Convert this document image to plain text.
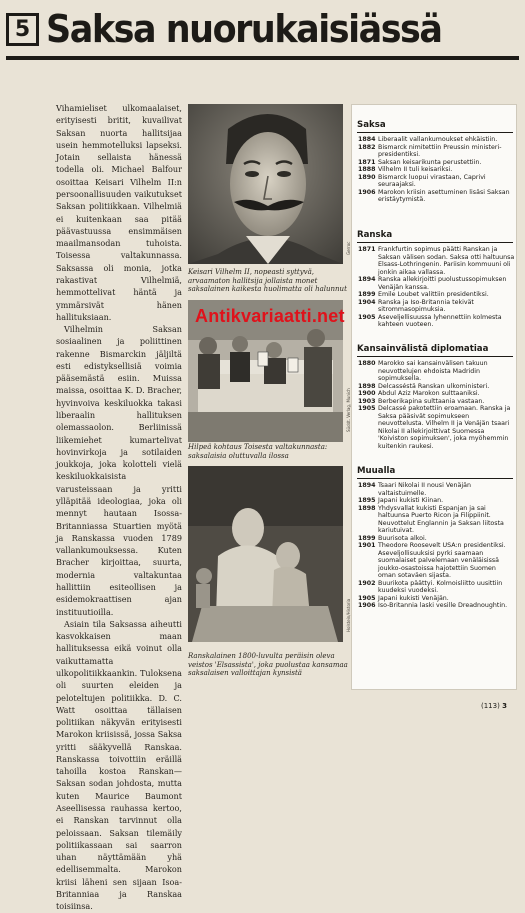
5 Saksa nuorukaisiässä

Vihamieliset ulkomaalaiset, erityisesti britit, kuvailivat Saksan nuorta hallitsijaa usein hemmotelluksi lapseksi. Jotain sellaista hänessä todella oli. Michael Balfour osoittaa Keisari Vilhelm II:n persoonallisuuden vaikutukset Saksan politiikkaan. Vilhelmiä ei kuitenkaan saa pitää päävastuussa ensimmäisen maailmansodan tuhoista. Toisessa valtakunnassa. Saksassa oli monia, jotka rakastivat Vilhelmiä, hemmottelivat häntä ja ymmärsivät hänen hallituksiaan.

Vilhelmin Saksan sosiaalinen ja poliittinen rakenne Bismarckin jäljiltä esti edistyksellisiä voimia pääsemästä esiin. Muissa maissa, osoittaa K. D. Bracher, hyvinvoiva keskiluokka takasi liberaalin hallituksen olemassaolon. Berliinissä liikemiehet kumartelivat hovinvirkoja ja sotilaiden joukkoja, joka kolotteli vielä keskiluokkaisista varusteissaan ja yritti ylläpitää ideologiaa, joka oli mennyt hautaan Isossa-Britanniassa Stuartien myötä ja Ranskassa vuoden 1789 vallankumouksessa. Kuten Bracher kirjoittaa, suurta, modernia valtakuntaa hallittiin esiteollisen ja esidemokraattisen ajan instituutioilla.

Asiain tila Saksassa aiheutti kasvokkaisen maan hallituksessa eikä voinut olla vaikuttamatta ulkopolitiikkaankin. Tuloksena oli suurten eleiden ja peloteltujen politiikka. D. C. Watt osoittaa tällaisen politiikan näkyvän erityisesti Marokon kriisissä, jossa Saksa yritti sääkyvellä Ranskaa. Ranskassa toivottiin eräillä tahoilla kostoa Ranskan—Saksan sodan johdosta, mutta kuten Maurice Baumont Aseellisessa rauhassa kertoo, ei Ranskan tarvinnut olla peloissaan. Saksan tilemäily politiikassaan sai saarron uhan näyttämään yhä edellisemmalta. Marokon kriisi läheni sen sijaan Isoa-Britanniaa ja Ranskaa toisiinsa.

Gerroc
Keisari Vilhelm II, nopeasti syttyvä, arvaamaton hallitsija jollaista monet saksalainen kaikesta huolimatta oli halunnut
Süddt. Verlag, Munich
Hilpeä kohtaus Toisesta valtakunnasta: saksalaisia oluttuvalla ilossa
Holstein/Historia
Ranskalainen 1800-luvulta peräisin oleva veistos 'Elsassista', joka puolustaa kansamaa saksalaisen valloittajan kynsistä
Antikvariaatti.net
Saksa
1884 Liberaalit vallankumoukset ehkäistiin.
1882 Bismarck nimitettiin Preussin ministeri-presidentiksi.
1871 Saksan keisarikunta perustettiin.
1888 Vilhelm II tuli keisariksi.
1890 Bismarck luopui virastaan, Caprivi seuraajaksi.
1906 Marokon kriisin asettuminen lisäsi Saksan eristäytymistä.
Ranska
1871 Frankfurtin sopimus päätti Ranskan ja Saksan välisen sodan. Saksa otti haltuunsa Elsass-Lothringenin. Pariisin kommuuni oli jonkin aikaa vallassa.
1894 Ranska allekirjoitti puolustussopimuksen Venäjän kanssa.
1899 Emile Loubet valittiin presidentiksi.
1904 Ranska ja Iso-Britannia tekivät sitrommasopimuksia.
1905 Aseveljellisuussa lyhennettiin kolmesta kahteen vuoteen.
Kansainvälistä diplomatiaa
1880 Marokko sai kansainvälisen takuun neuvottelujen ehdoista Madridin sopimuksella.
1898 Delcasséstä Ranskan ulkoministeri.
1900 Abdul Aziz Marokon sulttaaniksi.
1903 Berberikapina sulttaania vastaan.
1905 Delcassé pakotettiin eroamaan. Ranska ja Saksa pääsivät sopimukseen neuvottelusta. Vilhelm II ja Venäjän tsaari Nikolai II allekirjoittivat Suomessa 'Koiviston sopimuksen', joka myöhemmin kuitenkin raukesi.
Muualla
1894 Tsaari Nikolai II nousi Venäjän valtaistuimelle.
1895 Japani kukisti Kiinan.
1898 Yhdysvallat kukisti Espanjan ja sai haltuunsa Puerto Ricon ja Filippiinit. Neuvottelut Englannin ja Saksan liitosta kariutuivat.
1899 Buurisota alkoi.
1901 Theodore Roosevelt USA:n presidentiksi.
Aseveljollisuuksisi pyrki saamaan suomalaiset palvelemaan venäläisissä joukko-osastoissa hajotettiin Suomen oman sotaväen sijasta.
1902 Buurikota päättyi. Kolmoisliitto uusittiin kuudeksi vuodeksi.
1905 Japani kukisti Venäjän.
1906 Iso-Britannia laski vesille Dreadnoughtin.
(113) 3
